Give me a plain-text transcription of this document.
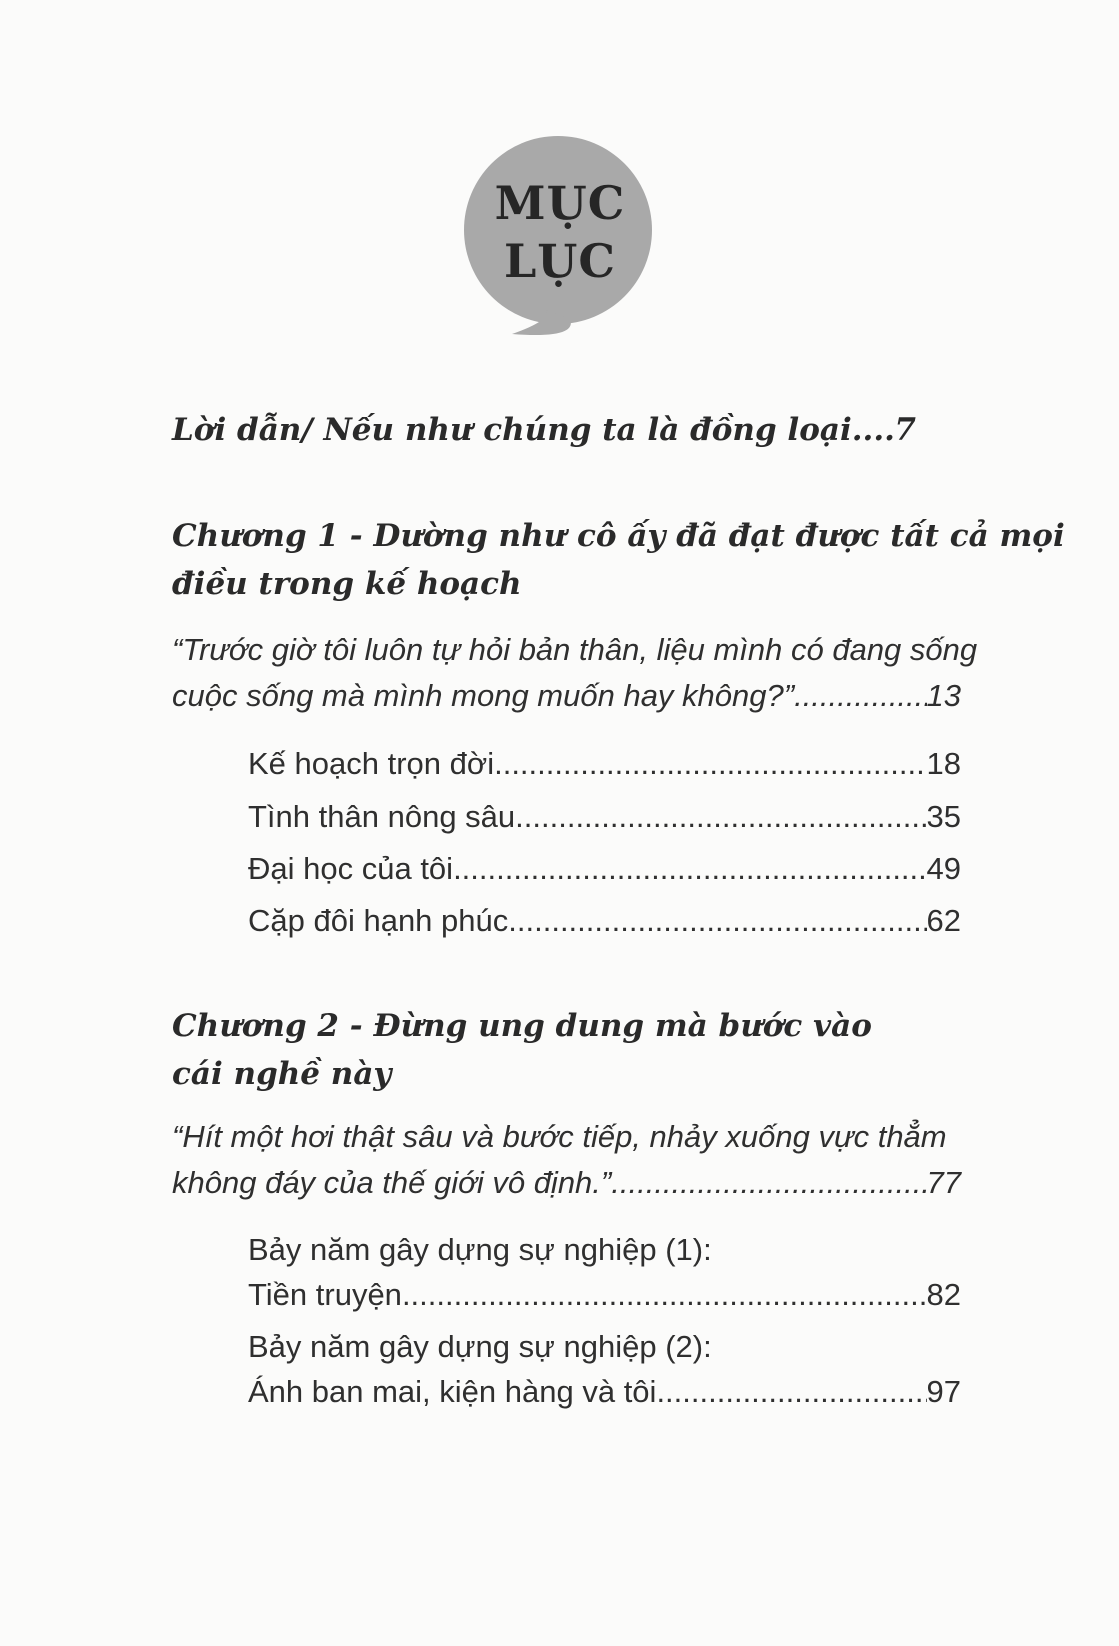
MỤC
LỤC
Lời dẫn/ Nếu như chúng ta là đồng loại ..... 7
Chương 1 - Dường như cô ấy đã đạt được tất cả mọi
điều trong kế hoạch
“Trước giờ tôi luôn tự hỏi bản thân, liệu mình có đang sống
cuộc sống mà mình mong muốn hay không?” .....	13
Kế hoạch trọn đời .....	18
Tình thân nông sâu .....	35
Đại học của tôi .....	49
Cặp đôi hạnh phúc .....	62
Chương 2 - Đừng ung dung mà bước vào
cái nghề này
“Hít một hơi thật sâu và bước tiếp, nhảy xuống vực thẳm
không đáy của thế giới vô định.” .....	77
Bảy năm gây dựng sự nghiệp (1):
Tiền truyện .....	82
Bảy năm gây dựng sự nghiệp (2):
Ánh ban mai, kiện hàng và tôi .....	97
